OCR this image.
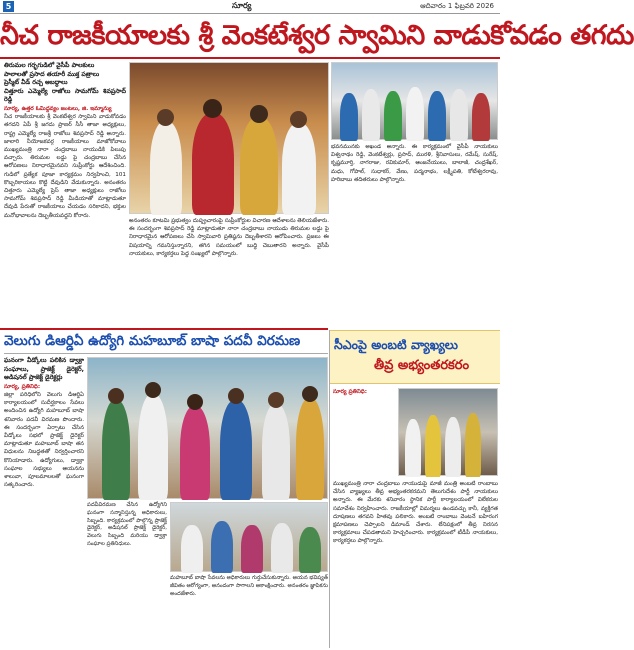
5	సూర్య	ఆదివారం 1 ఫిబ్రవరి 2026
నీచ రాజకీయాలకు శ్రీ వెంకటేశ్వర స్వామిని వాడుకోవడం తగదు
తిరుమల గర్భగుడిలో వైసీపీ పాలకులు
పాలాలతో ప్రసాద తయారీ ముక్త పత్రాలు
ప్రెస్మీట్ వీడ్ రచ్చ అబద్ధాలు
చిత్తూరు ఎమ్మెల్యే రాజోలు సామగోమ్ శివప్రసాద్ రెడ్డి
సూర్య, ఉత్తర ఓమిద్దవ్యం జంటలు, జి. ఇమ్మాన్యు
నీచ రాజకీయాలకు శ్రీ వెంకటేశ్వర స్వామిని వాడుకోవడం తగదని ఏపీ శ్రీ జగదు ప్రాణర్ సీసీ తాజా అధ్యక్షులు, రాష్ట్ర ఎమ్మెల్యే రాజశ్రీ రాజోలు శివప్రసాద్ రెడ్డి అన్నారు. జాలారి నీయోజకవర్గ రాజకీయాలు మాజోకోవాలు ముఖ్యమంత్రి నారా చంద్రబాబు నాయుడికి పిలుపు వచ్చారు. తిరుమల లడ్డు పై చంద్రబాబు చేసిన ఆరోపణలు నిరాధారమైనవని సుప్రీంకోర్టు ఆదేశించింది. గుడిలో ప్రత్యేక పూజా కార్యక్రమం నిర్వహించి, 101 కొబ్బరికాయలు కొట్టి దేవుడిని వేడుకున్నారు. అనంతరం చిత్తూరు ఎమ్మెల్యే ప్రెస్ తాజా అధ్యక్షులు రాజోలు సామగోమ్ శివప్రసాద్ రెడ్డి మీడియాతో మాట్లాడుతూ దేవుడి పేరుతో రాజకీయాలు చేయడం సరికాదని, భక్తుల మనోభావాలను దెబ్బతీయవద్దని కోరారు.
అనంతరం కూటమి ప్రభుత్వం దుష్ప్రచారంపై సుప్రీంకోర్టుల విచారణ ఆదేశాలను తెలియజేశారు. ఈ సందర్భంగా శివప్రసాద్ రెడ్డి మాట్లాడుతూ నారా చంద్రబాబు నాయుడు తిరుమల లడ్డు పై నిరాధారమైన ఆరోపణలు చేసి స్వామివారి ప్రతిష్ఠను దెబ్బతీశారని ఆరోపించారు. ప్రజలు ఈ విషయాన్ని గమనిస్తున్నారని, తగిన సమయంలో బుద్ధి చెబుతారని అన్నారు. వైసీపీ నాయకులు, కార్యకర్తలు పెద్ద సంఖ్యలో పాల్గొన్నారు.
భవనమునకు అఖండ అన్నారు. ఈ కార్యక్రమంలో వైసీపీ నాయకులు విశ్వనాథం రెడ్డి, వెంకటేశ్వర్లు, ప్రసాద్, మురళి, శ్రీనివాసులు, రమేష్, సురేష్, కృష్ణమూర్తి, నాగరాజు, రవికుమార్, ఆంజనేయులు, బాలాజీ, చంద్రశేఖర్, మధు, గోపాల్, సుధాకర్, వేణు, పద్మనాభం, లక్ష్మీపతి, కోటేశ్వరరావు, హరిబాబు తదితరులు పాల్గొన్నారు.
వెలుగు డిఆర్డిఏ ఉద్యోగి మహబూబ్ బాషా పదవీ విరమణ
ఘనంగా వీడ్కోలు పలికిన డ్వాక్రా సంఘాలు, ప్రాజెక్ట్ డైరెక్టర్, అడిషనల్ ప్రాజెక్ట్ డైరెక్టర్లు
సూర్య, ప్రతినిధి:
జిల్లా పరిధిలోని వెలుగు డిఆర్డిఏ కార్యాలయంలో సుదీర్ఘకాలం సేవలు అందించిన ఉద్యోగి మహబూబ్ బాషా శనివారం పదవీ విరమణ పొందారు. ఈ సందర్భంగా ఏర్పాటు చేసిన వీడ్కోలు సభలో ప్రాజెక్ట్ డైరెక్టర్ మాట్లాడుతూ మహబూబ్ బాషా తన విధులను నిబద్ధతతో నిర్వర్తించారని కొనియాడారు. ఉద్యోగులు, డ్వాక్రా సంఘాల సభ్యులు ఆయనను శాలువా, పూలమాలలతో ఘనంగా సత్కరించారు.
పదవీవిరమణ చేసిన ఉద్యోగిని ఘనంగా సన్మానిస్తున్న అధికారులు, సిబ్బంది. కార్యక్రమంలో పాల్గొన్న ప్రాజెక్ట్ డైరెక్టర్, అడిషనల్ ప్రాజెక్ట్ డైరెక్టర్, వెలుగు సిబ్బంది మరియు డ్వాక్రా సంఘాల ప్రతినిధులు.
మహబూబ్ బాషా సేవలను అధికారులు గుర్తుచేసుకున్నారు. ఆయన భవిష్యత్ జీవితం ఆరోగ్యంగా, ఆనందంగా సాగాలని ఆకాంక్షించారు. అనంతరం జ్ఞాపికను అందజేశారు.
సీఎంపై అంబటి వ్యాఖ్యలు
తీవ్ర అభ్యంతరకరం
సూర్య ప్రతినిధి:
ముఖ్యమంత్రి నారా చంద్రబాబు నాయుడుపై మాజీ మంత్రి అంబటి రాంబాబు చేసిన వ్యాఖ్యలు తీవ్ర అభ్యంతరకరమని తెలుగుదేశం పార్టీ నాయకులు అన్నారు. ఈ మేరకు శనివారం స్థానిక పార్టీ కార్యాలయంలో విలేకరుల సమావేశం నిర్వహించారు. రాజకీయాల్లో విమర్శలు ఉండవచ్చు కానీ, వ్యక్తిగత దూషణలు తగవని హితవు పలికారు. అంబటి రాంబాబు వెంటనే బహిరంగ క్షమాపణలు చెప్పాలని డిమాండ్ చేశారు. లేనిపక్షంలో తీవ్ర నిరసన కార్యక్రమాలు చేపడతామని హెచ్చరించారు. కార్యక్రమంలో టీడీపీ నాయకులు, కార్యకర్తలు పాల్గొన్నారు.
